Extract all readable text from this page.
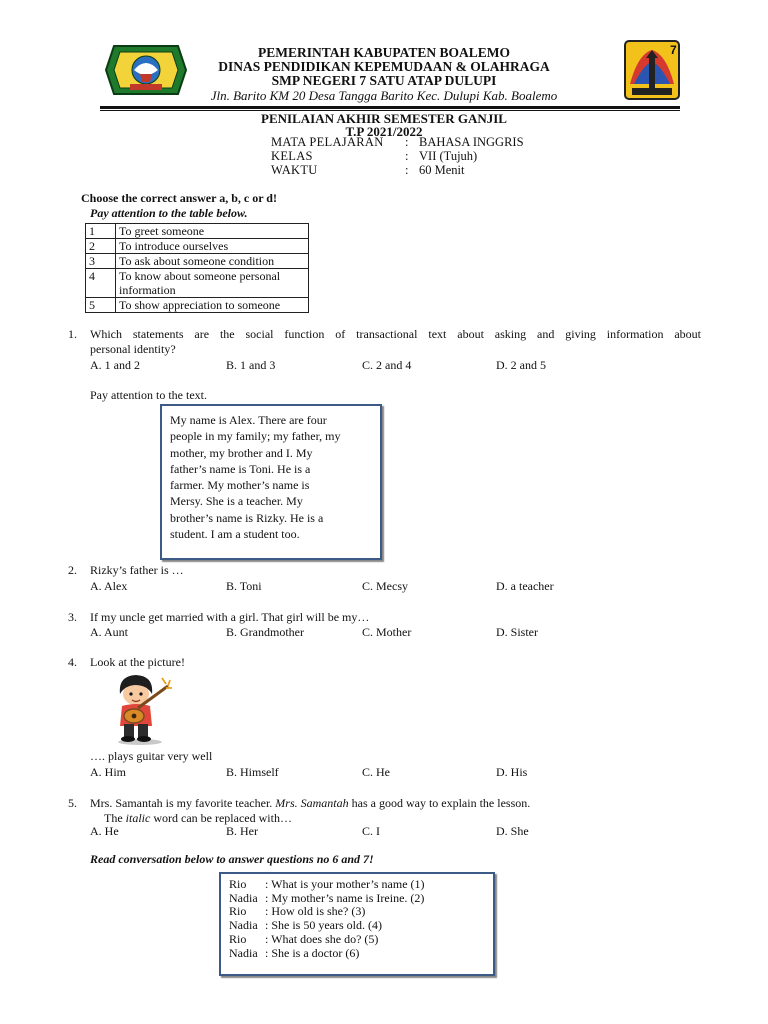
7
PEMERINTAH KABUPATEN BOALEMO
DINAS PENDIDIKAN KEPEMUDAAN & OLAHRAGA
SMP NEGERI 7 SATU ATAP DULUPI
Jln. Barito KM 20 Desa Tangga Barito Kec. Dulupi Kab. Boalemo
PENILAIAN AKHIR SEMESTER GANJIL
T.P 2021/2022
MATA PELAJARAN : BAHASA INGGRIS
KELAS	: VII (Tujuh)
WAKTU	: 60 Menit
Choose the correct answer a, b, c or d!
Pay attention to the table below.
1	To greet someone
2	To introduce ourselves
3	To ask about someone condition
4	To know about someone personal information
5	To show appreciation to someone
1. Which statements are the social function of transactional text about asking and giving information about
personal identity?
A. 1 and 2	B. 1 and 3	C. 2 and 4	D. 2 and 5
Pay attention to the text.
My name is Alex. There are four
people in my family; my father, my
mother, my brother and I. My
father’s name is Toni. He is a
farmer. My mother’s name is
Mersy. She is a teacher. My
brother’s name is Rizky. He is a
student. I am a student too.
2. Rizky’s father is …
A. Alex	B. Toni	C. Mecsy	D. a teacher
3. If my uncle get married with a girl. That girl will be my…
A. Aunt	B. Grandmother	C. Mother	D. Sister
4. Look at the picture!
…. plays guitar very well
A. Him	B. Himself	C. He	D. His
5. Mrs. Samantah is my favorite teacher. Mrs. Samantah has a good way to explain the lesson.
The italic word can be replaced with…
A. He	B. Her	C. I	D. She
Read conversation below to answer questions no 6 and 7!
Rio : What is your mother’s name (1)
Nadia : My mother’s name is Ireine. (2)
Rio : How old is she? (3)
Nadia : She is 50 years old. (4)
Rio : What does she do? (5)
Nadia : She is a doctor (6)
